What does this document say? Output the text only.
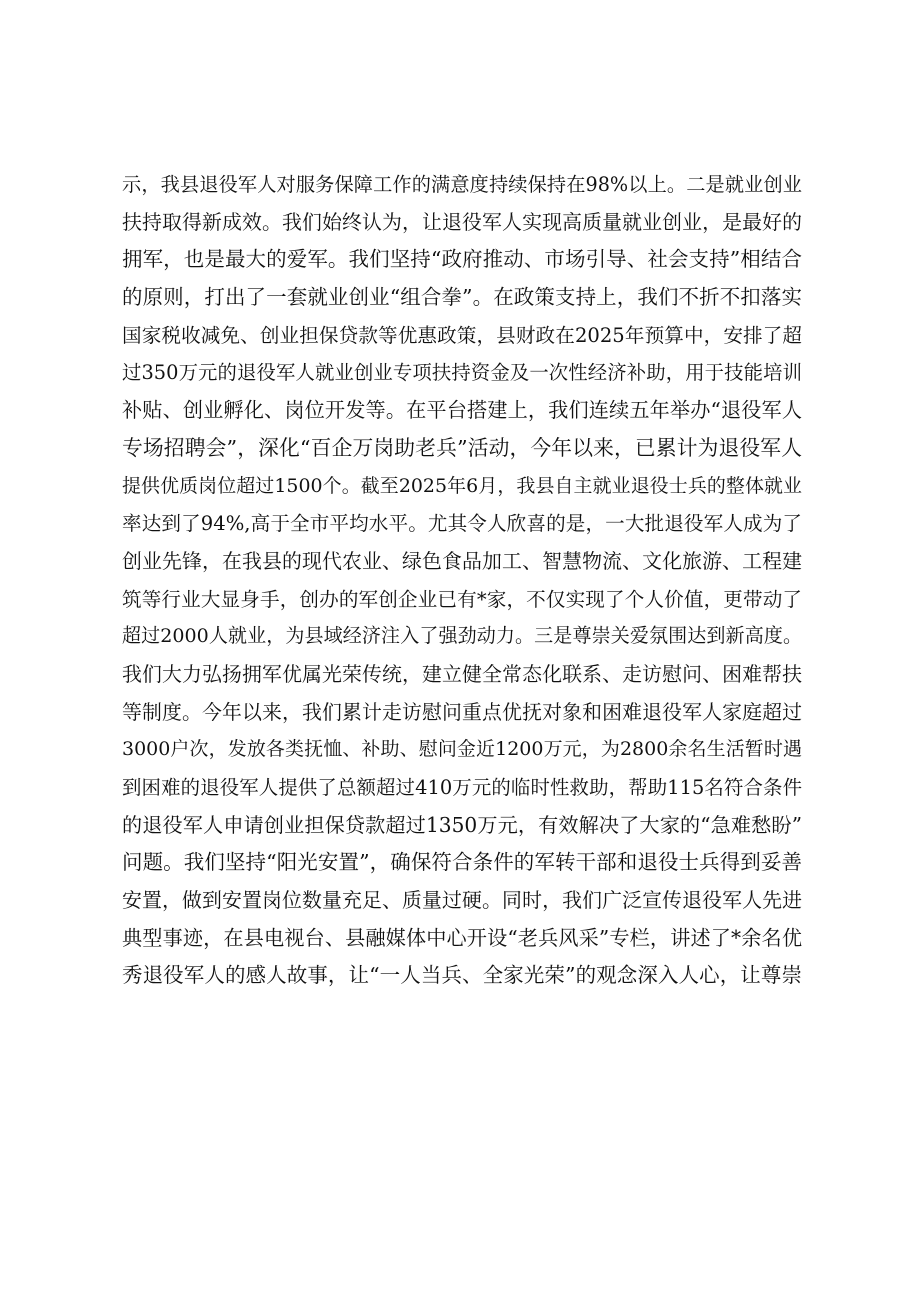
示，我县退役军人对服务保障工作的满意度持续保持在98%以上。二是就业创业
扶持取得新成效。我们始终认为，让退役军人实现高质量就业创业，是最好的
拥军，也是最大的爱军。我们坚持“政府推动、市场引导、社会支持”相结合
的原则，打出了一套就业创业“组合拳”。在政策支持上，我们不折不扣落实
国家税收减免、创业担保贷款等优惠政策，县财政在2025年预算中，安排了超
过350万元的退役军人就业创业专项扶持资金及一次性经济补助，用于技能培训
补贴、创业孵化、岗位开发等。在平台搭建上，我们连续五年举办“退役军人
专场招聘会”，深化“百企万岗助老兵”活动，今年以来，已累计为退役军人
提供优质岗位超过1500个。截至2025年6月，我县自主就业退役士兵的整体就业
率达到了94%,高于全市平均水平。尤其令人欣喜的是，一大批退役军人成为了
创业先锋，在我县的现代农业、绿色食品加工、智慧物流、文化旅游、工程建
筑等行业大显身手，创办的军创企业已有*家，不仅实现了个人价值，更带动了
超过2000人就业，为县域经济注入了强劲动力。三是尊崇关爱氛围达到新高度。
我们大力弘扬拥军优属光荣传统，建立健全常态化联系、走访慰问、困难帮扶
等制度。今年以来，我们累计走访慰问重点优抚对象和困难退役军人家庭超过
3000户次，发放各类抚恤、补助、慰问金近1200万元，为2800余名生活暂时遇
到困难的退役军人提供了总额超过410万元的临时性救助，帮助115名符合条件
的退役军人申请创业担保贷款超过1350万元，有效解决了大家的“急难愁盼”
问题。我们坚持“阳光安置”，确保符合条件的军转干部和退役士兵得到妥善
安置，做到安置岗位数量充足、质量过硬。同时，我们广泛宣传退役军人先进
典型事迹，在县电视台、县融媒体中心开设“老兵风采”专栏，讲述了*余名优
秀退役军人的感人故事，让“一人当兵、全家光荣”的观念深入人心，让尊崇
